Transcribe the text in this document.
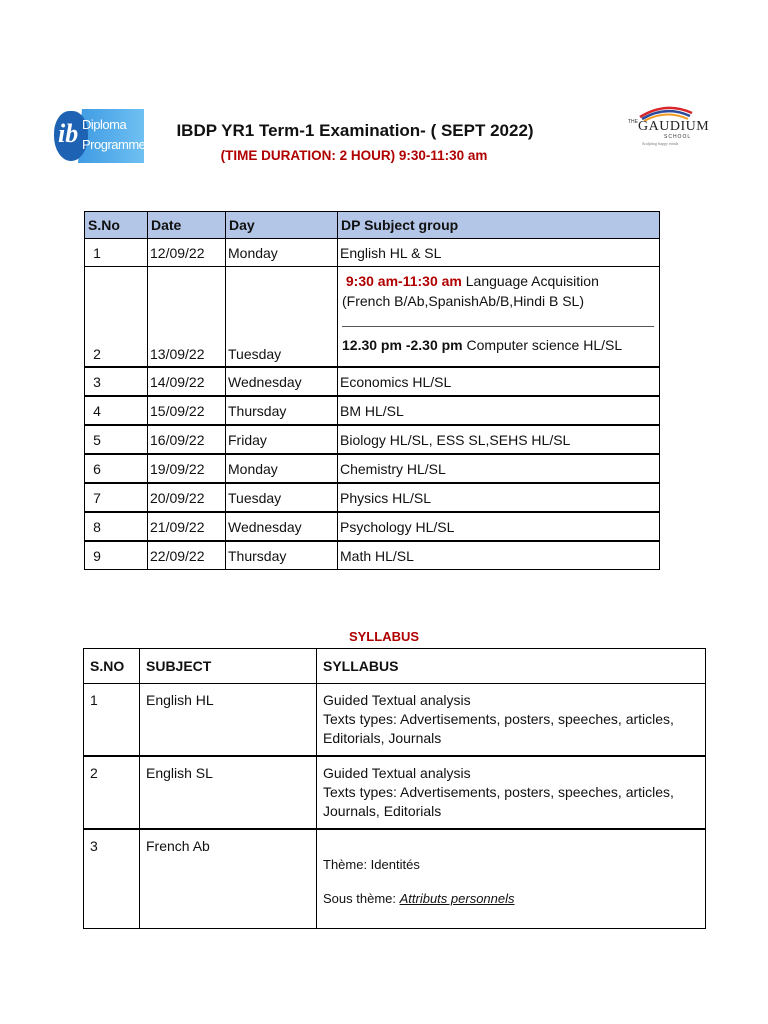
ib Diploma
Programme
THE GAUDIUM
SCHOOL
Sculpting happy minds
IBDP YR1 Term-1 Examination- ( SEPT 2022)
(TIME DURATION: 2 HOUR) 9:30-11:30 am
S.No	Date	Day	DP Subject group
1	12/09/22	Monday	English HL & SL
2	13/09/22	Tuesday	9:30 am-11:30 am Language Acquisition
(French B/Ab,SpanishAb/B,Hindi B SL)
12.30 pm -2.30 pm Computer science HL/SL

3	14/09/22	Wednesday	Economics HL/SL
4	15/09/22	Thursday	BM HL/SL
5	16/09/22	Friday	Biology HL/SL, ESS SL,SEHS HL/SL
6	19/09/22	Monday	Chemistry HL/SL
7	20/09/22	Tuesday	Physics HL/SL
8	21/09/22	Wednesday	Psychology HL/SL
9	22/09/22	Thursday	Math HL/SL
SYLLABUS
S.NO	SUBJECT	SYLLABUS
1	English HL	Guided Textual analysis
Texts types: Advertisements, posters, speeches, articles,
Editorials, Journals

2	English SL	Guided Textual analysis
Texts types: Advertisements, posters, speeches, articles,
Journals, Editorials

3	French Ab	Thème: Identités
Sous thème: Attributs personnels
